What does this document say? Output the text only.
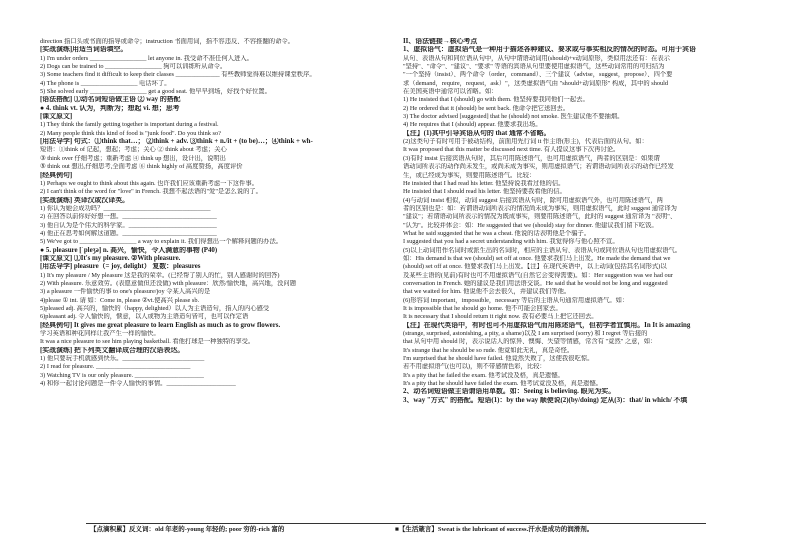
direction 指口头或书面的指导或命令；instruction 书面用词，指不容违反、不容推翻的命令。
[实战演练]用适当词语填空。
1) I'm under orders __________________ let anyone in. 我受命不准任何人进入。
2) Dogs can be trained to __________________ 狗可以训练听从命令。
3) Some teachers find it difficult to keep their classes ______________ 有些教师觉得难以维持课堂秩序。
4) The phone is __________________ 电话坏了。
5) She solved early __________________ get a good seat. 他早早到场，好找个好位置。
[语法搭配] ①动名词短语做主语 ② way 的搭配
● 4. think vt. 认为，判断为；想起 vi. 想；思考
[课文原文]
1) They think the family getting together is important during a festival.
2) Many people think this kind of food is "junk food". Do you think so?
[用法导学] 句式：①think that…； ②think + adv. ③think + n./it + (to be)…；④think + wh-
短语：①think of 记起，想起；考虑；关心 ② think about 考虑；关心
③ think over 仔细考虑；重新考虑 ④ think up 想出，设计出，说明出
⑤ think out 想出,仔细思考,全面考虑 ⑥ think highly of 高度赞扬，高度评价
[经典例句]
1) Perhaps we ought to think about this again. 也许我们应该重新考虑一下这件事。
2) I can't think of the word for "love" in French. 我想不起法语的"爱"是怎么说的了。
[实战演练] 英译汉或汉译英。
1) 你认为她会成功吗？__________________________________
2) 在回答以前你好好想一想。______________________________
3) 他自认为是个伟大的科学家。____________________________
4) 他正在思考如何解这道题。______________________________
5) We've got to __________________ a way to explain it. 我们得想出一个解释问题的办法。
● 5. pleasure [ˈpleʒə] n. 高兴，愉快，令人满意的事物 (P40)
[课文原文] ①It's my pleasure. ②With pleasure.
[用法导学] pleasure（= joy, delight） 复数：pleasures
1) It's my pleasure / My pleasure 这是我的荣幸。(已经帮了别人的忙，别人感谢时的回答)
2) With pleasure. 乐意效劳。(表愿意做但还没做) with pleasure：欣然/愉快地，高兴地，没问题
3) a pleasure 一件愉快的事 to one's pleasure/joy 令某人高兴的是
4)please ① int. 请 如：Come in, please ②vt.使高兴 please sb.
5)pleased adj. 高兴的，愉快的（happy, delighted）以人为主语造句，指人的内心感受
6)pleasant adj. 令人愉快的，惬意，以人或物为主语造句皆可，也可以作定语
[经典例句] It gives me great pleasure to learn English as much as to grow flowers.
学习英语和种花同样让我产生一样的愉快。
It was a nice pleasure to see him playing basketball. 看他打球是一种独特的享受。
[实战演练] 把下列英文翻译成合理的汉语表达。
1) 他只要玩手机就感到快乐。__________________________
2) I read for pleasure. ______________________________
3) Watching TV is our only pleasure. ______________________
4) 和你一起讨论问题是一件令人愉快的事情。______________________
II、语法链接→核心考点
1、虚拟语气：虚拟语气是一种用于描述各种建议、要求或与事实相反的情况的时态。可用于宾语
从句、表语从句和同位语从句中，从句中谓语动词用(should)+v动词原形，类似用法还有：在表示
"坚持"、"命令"、"建议"、"要求" 等语的宾语从句里要使用虚拟语气，这些动词常用的可归结为
"一个坚持（insist）、两个命令（order，command）、三个建议（advise，suggest，propose）、四个要
求（demand，require，request，ask）"，这类虚拟语气由 "should+动词原形" 构成，其中的 should
在美国英语中通常可以省略。如：
1) He insisted that I (should) go with them. 他坚持要我同他们一起去。
2) He ordered that it (should) be sent back. 他命令把它送回去。
3) The doctor advised [suggested] that he (should) not smoke. 医生建议他不要抽烟。
4) He requires that I (should) appear. 他要求我出场。
【注】(1)其中引导宾语从句的 that 通常不省略。
(2)这类句子有时可用于被动结构，前面用先行词 it 作主语(形主)，代表后面的从句。如：
It was proposed that this matter be discussed next time. 有人提议这事下次再讨论。
(3)有时 insist 后接宾语从句时，其后可用陈述语气，也可用虚拟语气，两者的区别是：如果谓
语动词所表示的动作尚未发生，或尚未成为事实，则用虚拟语气；若谓语动词所表示的动作已经发
生，或已经成为事实，则要用陈述语气。比较：
He insisted that I had read his letter. 他坚持说我看过他的信。
He insisted that I should read his letter. 他坚持要我看他的信。
(4)与动词 insist 相似，动词 suggest 后接宾语从句时，除可用虚拟语气外，也可用陈述语气，两
者的区别也是：如：若谓语动词所表示的情况尚未成为事实，则用虚拟语气，此时 suggest 通常译为
"建议"；若谓语动词所表示的情况为既成事实，则要用陈述语气，此时的 suggest 通常译为 "表明"、
"认为"。比较并体会：如：He suggested that we (should) stay for dinner. 他建议我们留下吃饭。
What he said suggested that he was a cheat. 他说的话表明他是个骗子。
I suggested that you had a secret understanding with him. 我觉得你与他心照不宣。
(5)以上动词用作名词时或派生出的名词时，相应的主语从句、表语从句或同位语从句也用虚拟语气。
如：His demand is that we (should) set off at once. 他要求我们马上出发。He made the demand that we
(should) set off at once. 他要求我们马上出发。【注】在现代英语中，以上动词(包括其名词形式)以
及某些主语的(见前)有时也可不用虚拟语气(自然它会变得需要)。如：Her suggestion was we had our
conversation in French. 她的建议是我们用法语交谈。He said that he would not be long and suggested
that we waited for him. 他说他不会去很久，并建议我们等他。
(6)形容词 important，impossible，necessary 等后的主语从句通常用虚拟语气。如：
It is impossible that he should go home. 他不可能会回家去。
It is necessary that I should return it right now. 我有必要马上把它还回去。
【注】在现代英语中，有时也可不用虚拟语气而用陈述语气，但初学者宜慎用。In It is amazing
(strange, surprised, astonishing, a pity, a shame)以及 I am surprised (sorry) 和 I regret 等后接的
that 从句中用 should 时，表示说话人的惊异、懊悔、失望等情感，常含有 "竟然" 之意，如：
It's strange that he should be so rude. 他竟如此无礼，真是奇怪。
I'm surprised that he should have failed. 他竟然失败了，这使我很吃惊。
若不用虚拟语气(也可以)，则不带感情色彩，比较：
It's a pity that he failed the exam. 他考试没及格，真是遗憾。
It's a pity that he should have failed the exam. 他考试竟没及格，真是遗憾。
2、动名词短语做主语谓语用单数。如：Seeing is believing. 眼见为实。
3、way "方式" 的搭配。短语(1)：by the way 顺便说(2)(by/doing) 定从(3)：that/ in which/ 不填
【点滴积累】反义词：old 年老的-young 年轻的; poor 穷的-rich 富的	■【生活箴言】Sweat is the lubricant of success.汗水是成功的润滑剂。
